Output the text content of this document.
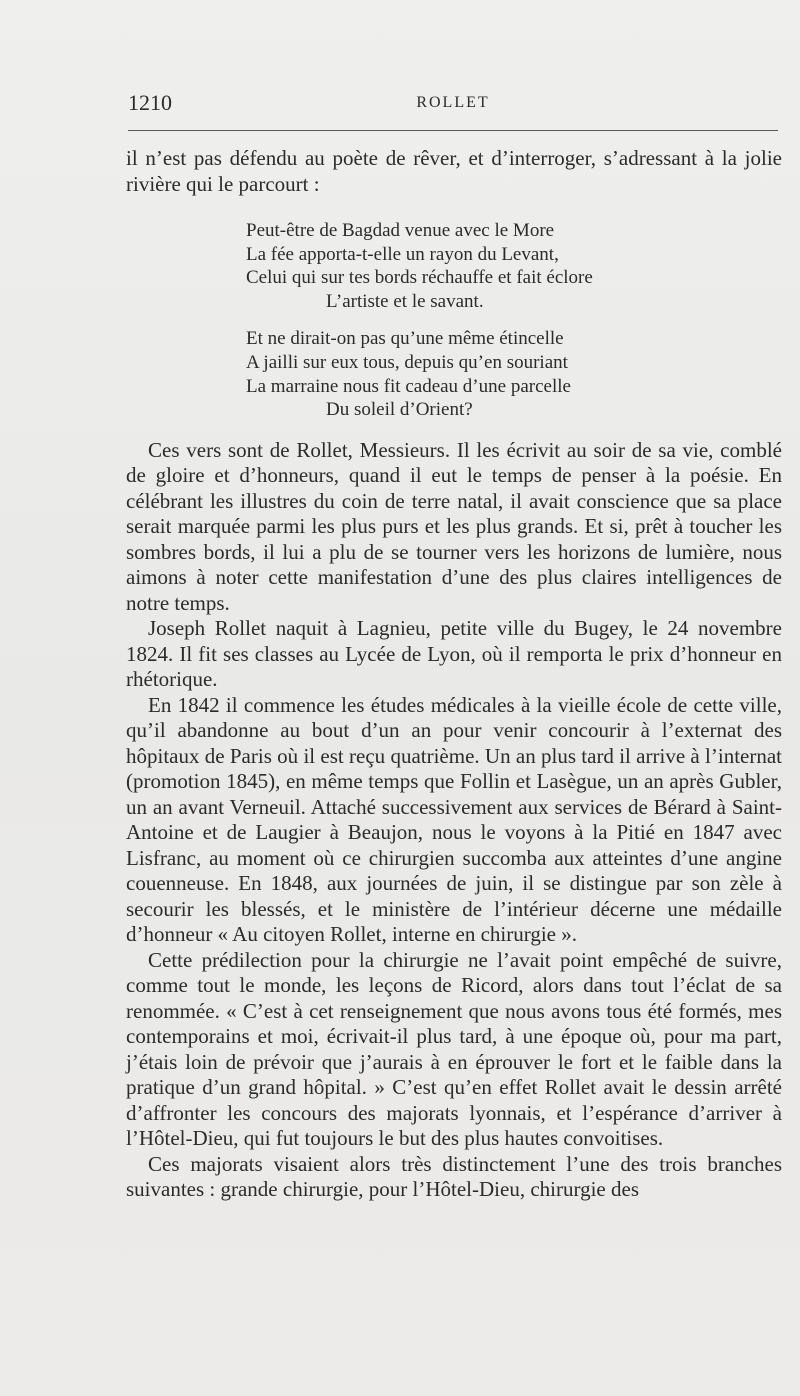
1210	ROLLET

il n’est pas défendu au poète de rêver, et d’interroger, s’adressant à la jolie rivière qui le parcourt :

Peut-être de Bagdad venue avec le More
La fée apporta-t-elle un rayon du Levant,
Celui qui sur tes bords réchauffe et fait éclore
L’artiste et le savant.
Et ne dirait-on pas qu’une même étincelle
A jailli sur eux tous, depuis qu’en souriant
La marraine nous fit cadeau d’une parcelle
Du soleil d’Orient?

Ces vers sont de Rollet, Messieurs. Il les écrivit au soir de sa vie, comblé de gloire et d’honneurs, quand il eut le temps de penser à la poésie. En célébrant les illustres du coin de terre natal, il avait conscience que sa place serait marquée parmi les plus purs et les plus grands. Et si, prêt à toucher les sombres bords, il lui a plu de se tourner vers les horizons de lumière, nous aimons à noter cette manifestation d’une des plus claires intelligences de notre temps.

Joseph Rollet naquit à Lagnieu, petite ville du Bugey, le 24 novembre 1824. Il fit ses classes au Lycée de Lyon, où il remporta le prix d’honneur en rhétorique.

En 1842 il commence les études médicales à la vieille école de cette ville, qu’il abandonne au bout d’un an pour venir concourir à l’externat des hôpitaux de Paris où il est reçu quatrième. Un an plus tard il arrive à l’internat (promotion 1845), en même temps que Follin et Lasègue, un an après Gubler, un an avant Verneuil. Attaché successivement aux services de Bérard à Saint-Antoine et de Laugier à Beaujon, nous le voyons à la Pitié en 1847 avec Lisfranc, au moment où ce chirurgien succomba aux atteintes d’une angine couenneuse. En 1848, aux journées de juin, il se distingue par son zèle à secourir les blessés, et le ministère de l’intérieur décerne une médaille d’honneur « Au citoyen Rollet, interne en chirurgie ».

Cette prédilection pour la chirurgie ne l’avait point empêché de suivre, comme tout le monde, les leçons de Ricord, alors dans tout l’éclat de sa renommée. « C’est à cet renseignement que nous avons tous été formés, mes contemporains et moi, écrivait-il plus tard, à une époque où, pour ma part, j’étais loin de prévoir que j’aurais à en éprouver le fort et le faible dans la pratique d’un grand hôpital. » C’est qu’en effet Rollet avait le dessin arrêté d’affronter les concours des majorats lyonnais, et l’espérance d’arriver à l’Hôtel-Dieu, qui fut toujours le but des plus hautes convoitises.

Ces majorats visaient alors très distinctement l’une des trois branches suivantes : grande chirurgie, pour l’Hôtel-Dieu, chirurgie des
